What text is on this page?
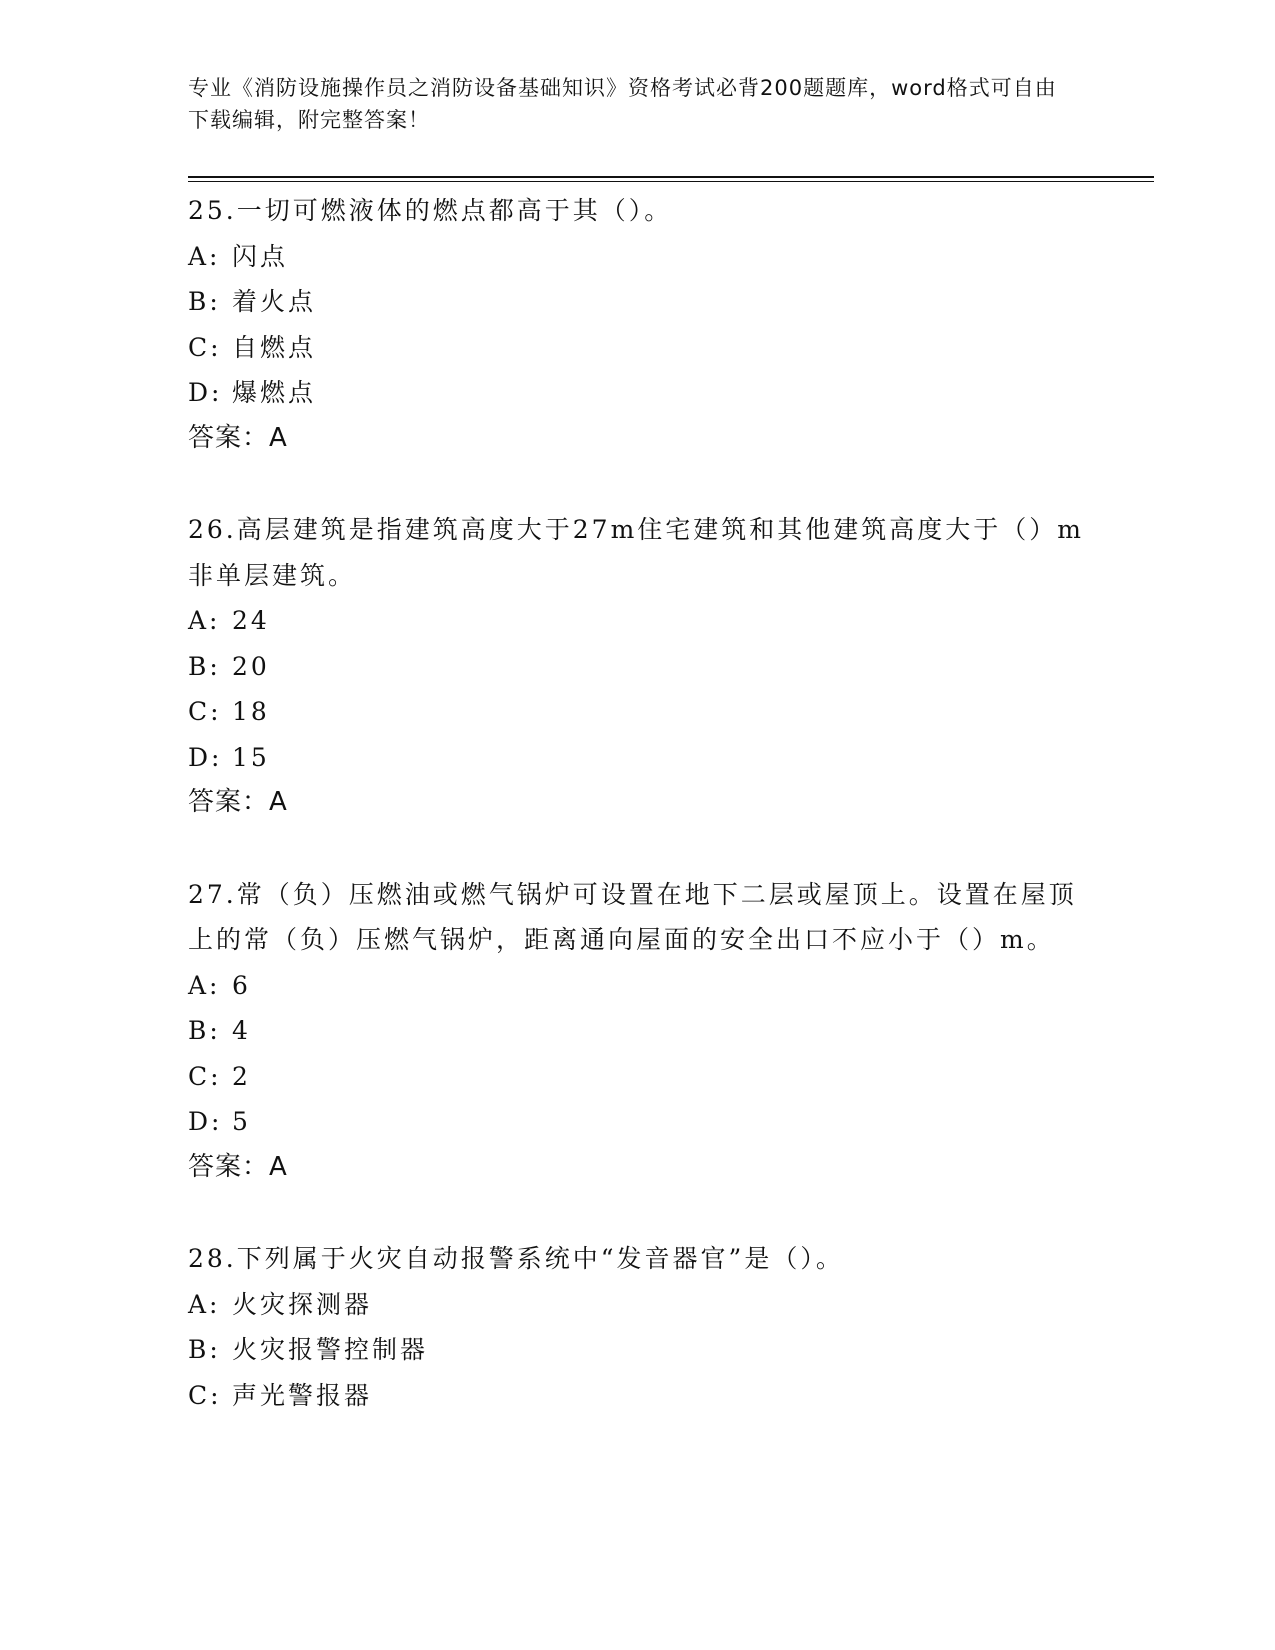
专业《消防设施操作员之消防设备基础知识》资格考试必背200题题库，word格式可自由下载编辑，附完整答案！
25.一切可燃液体的燃点都高于其（）。
A: 闪点
B: 着火点
C: 自燃点
D: 爆燃点
答案：A
26.高层建筑是指建筑高度大于27m住宅建筑和其他建筑高度大于（）m非单层建筑。
A: 24
B: 20
C: 18
D: 15
答案：A
27.常（负）压燃油或燃气锅炉可设置在地下二层或屋顶上。设置在屋顶上的常（负）压燃气锅炉，距离通向屋面的安全出口不应小于（）m。
A: 6
B: 4
C: 2
D: 5
答案：A
28.下列属于火灾自动报警系统中“发音器官”是（）。
A: 火灾探测器
B: 火灾报警控制器
C: 声光警报器
